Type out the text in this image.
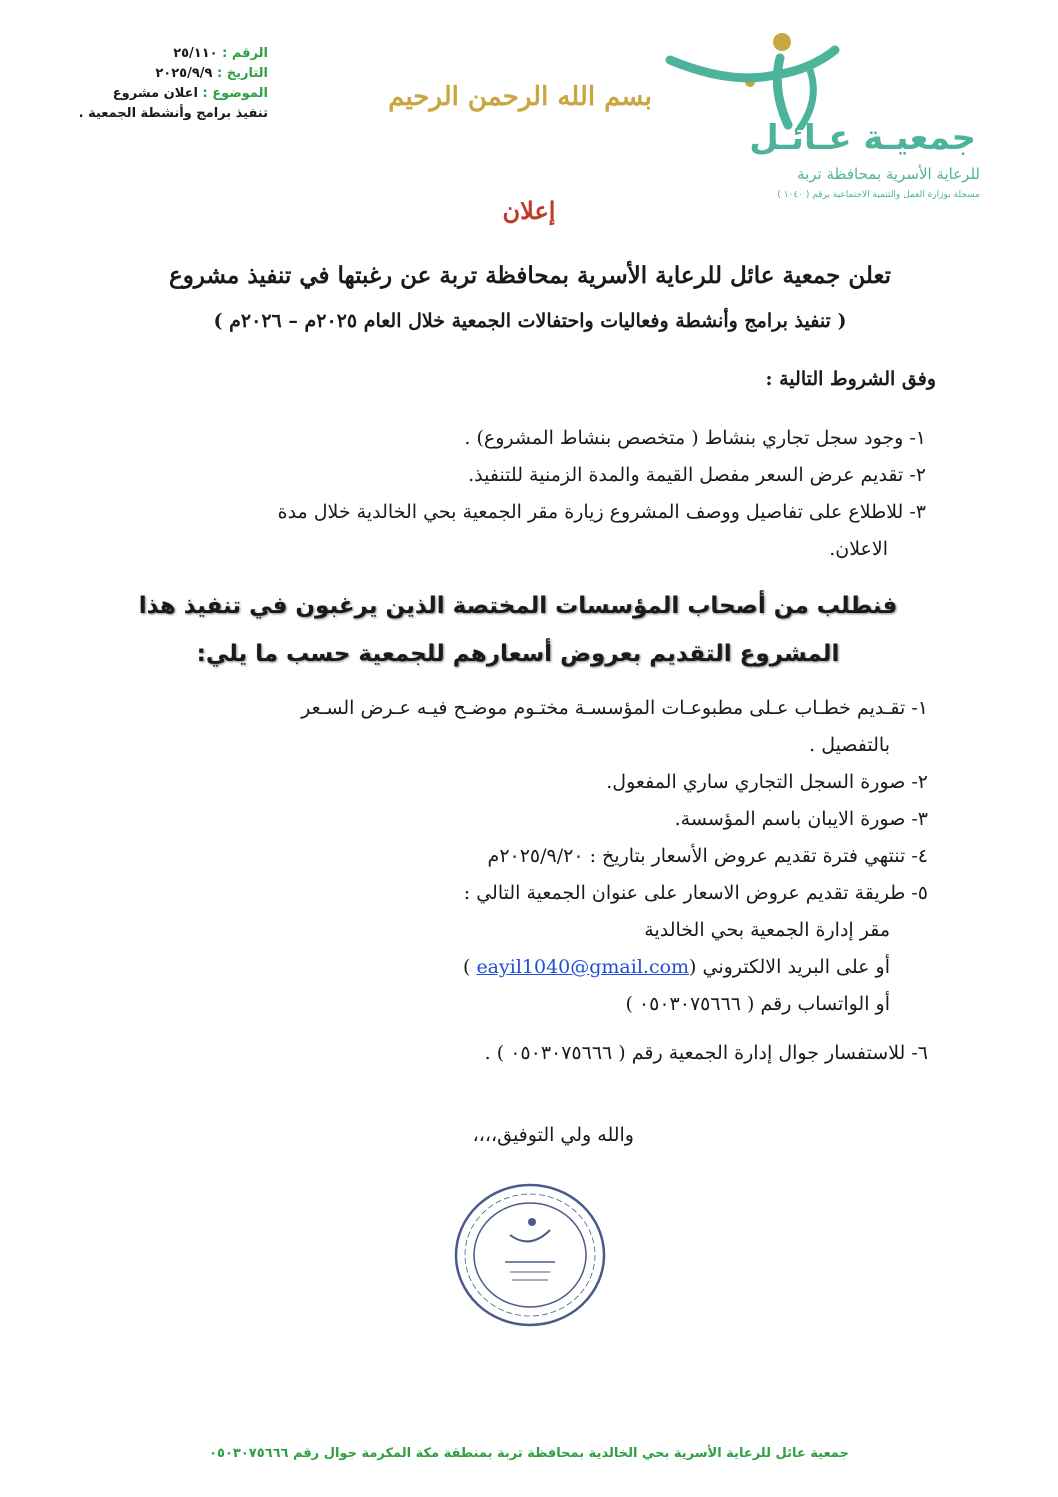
الرقم : ٢٥/١١٠
التاريخ : ٢٠٢٥/٩/٩
الموضوع : اعلان مشروع
تنفيذ برامج وأنشطة الجمعية .
بسم الله الرحمن الرحيم
جمعيـة عـائـل
للرعاية الأسرية بمحافظة تربة
مسجلة بوزارة العمل والتنمية الاجتماعية برقم ( ١٠٤٠ )
إعلان
تعلن جمعية عائل للرعاية الأسرية بمحافظة تربة عن رغبتها في تنفيذ مشروع
( تنفيذ برامج وأنشطة وفعاليات واحتفالات الجمعية خلال العام ٢٠٢٥م – ٢٠٢٦م )
وفق الشروط التالية :
١- وجود سجل تجاري بنشاط ( متخصص بنشاط المشروع) .
٢- تقديم عرض السعر مفصل القيمة والمدة الزمنية للتنفيذ.
٣- للاطلاع على تفاصيل ووصف المشروع زيارة مقر الجمعية بحي الخالدية خلال مدة
الاعلان.
فنطلب من أصحاب المؤسسات المختصة الذين يرغبون في تنفيذ هذا
المشروع التقديم بعروض أسعارهم للجمعية حسب ما يلي:
١- تقـديم خطـاب عـلى مطبوعـات المؤسسـة مختـوم موضـح فيـه عـرض السـعر
بالتفصيل .
٢- صورة السجل التجاري ساري المفعول.
٣- صورة الايبان باسم المؤسسة.
٤- تنتهي فترة تقديم عروض الأسعار بتاريخ : ٢٠٢٥/٩/٢٠م
٥- طريقة تقديم عروض الاسعار على عنوان الجمعية التالي :
مقر إدارة الجمعية بحي الخالدية
أو على البريد الالكتروني (eayil1040@gmail.com )
أو الواتساب رقم ( ٠٥٠٣٠٧٥٦٦٦ )
٦- للاستفسار جوال إدارة الجمعية رقم ( ٠٥٠٣٠٧٥٦٦٦ ) .
والله ولي التوفيق،،،،
جمعية عائل للرعاية الأسرية بحي الخالدية بمحافظة تربة بمنطقة مكة المكرمة جوال رقم ٠٥٠٣٠٧٥٦٦٦
